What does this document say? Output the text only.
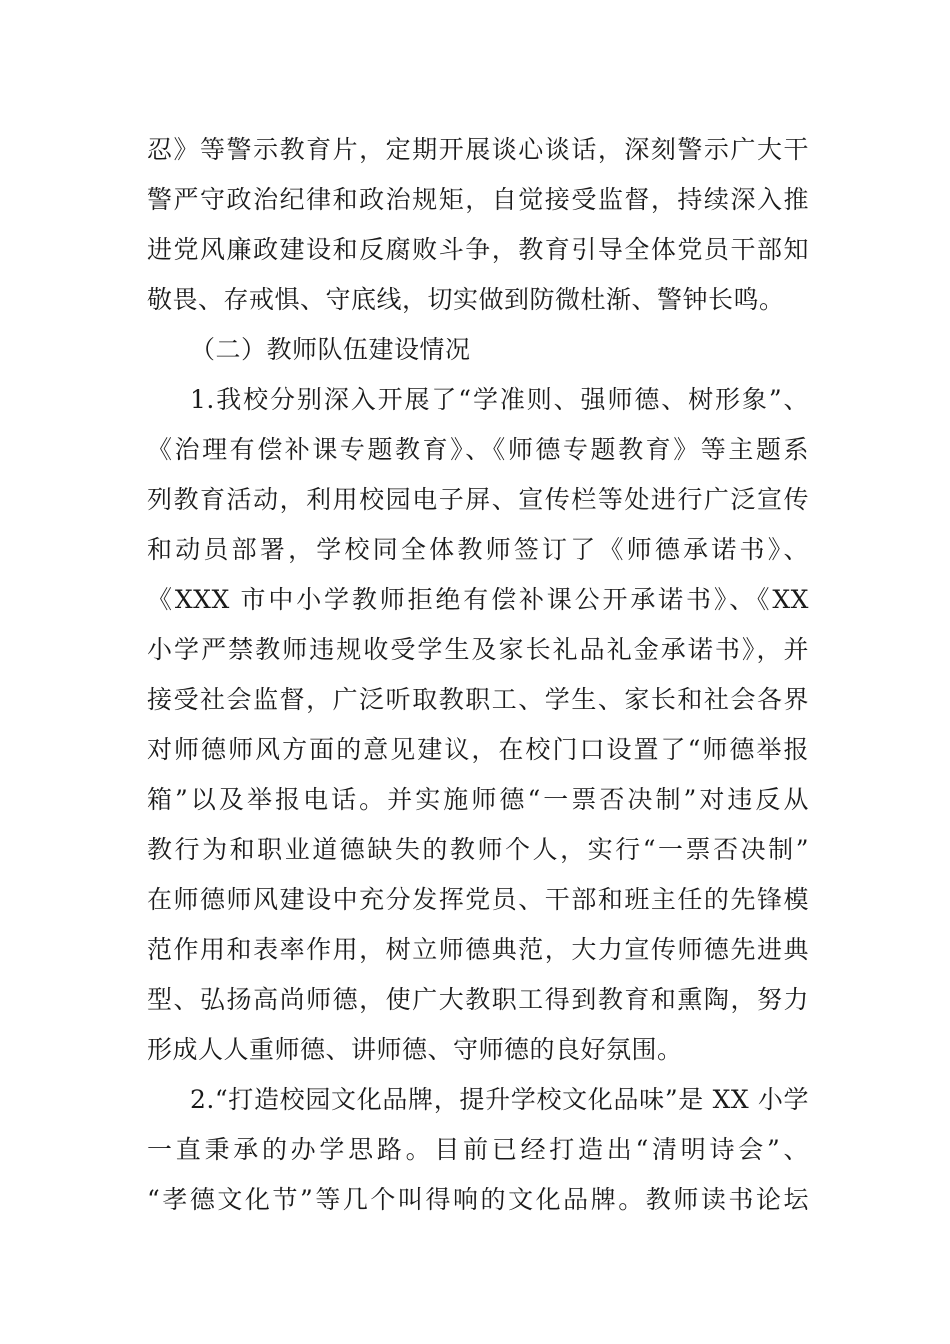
忍》等警示教育片，定期开展谈心谈话，深刻警示广大干

警严守政治纪律和政治规矩，自觉接受监督，持续深入推

进党风廉政建设和反腐败斗争，教育引导全体党员干部知

敬畏、存戒惧、守底线，切实做到防微杜渐、警钟长鸣。

（二）教师队伍建设情况

1.我校分别深入开展了“学准则、强师德、树形象”、

《治理有偿补课专题教育》、《师德专题教育》等主题系

列教育活动，利用校园电子屏、宣传栏等处进行广泛宣传

和动员部署，学校同全体教师签订了《师德承诺书》、

《XXX 市中小学教师拒绝有偿补课公开承诺书》、《XX

小学严禁教师违规收受学生及家长礼品礼金承诺书》，并

接受社会监督，广泛听取教职工、学生、家长和社会各界

对师德师风方面的意见建议，在校门口设置了“师德举报

箱”以及举报电话。并实施师德“一票否决制”对违反从

教行为和职业道德缺失的教师个人，实行“一票否决制”

在师德师风建设中充分发挥党员、干部和班主任的先锋模

范作用和表率作用，树立师德典范，大力宣传师德先进典

型、弘扬高尚师德，使广大教职工得到教育和熏陶，努力

形成人人重师德、讲师德、守师德的良好氛围。

2.“打造校园文化品牌，提升学校文化品味”是 XX 小学

一直秉承的办学思路。目前已经打造出“清明诗会”、

“孝德文化节”等几个叫得响的文化品牌。教师读书论坛
